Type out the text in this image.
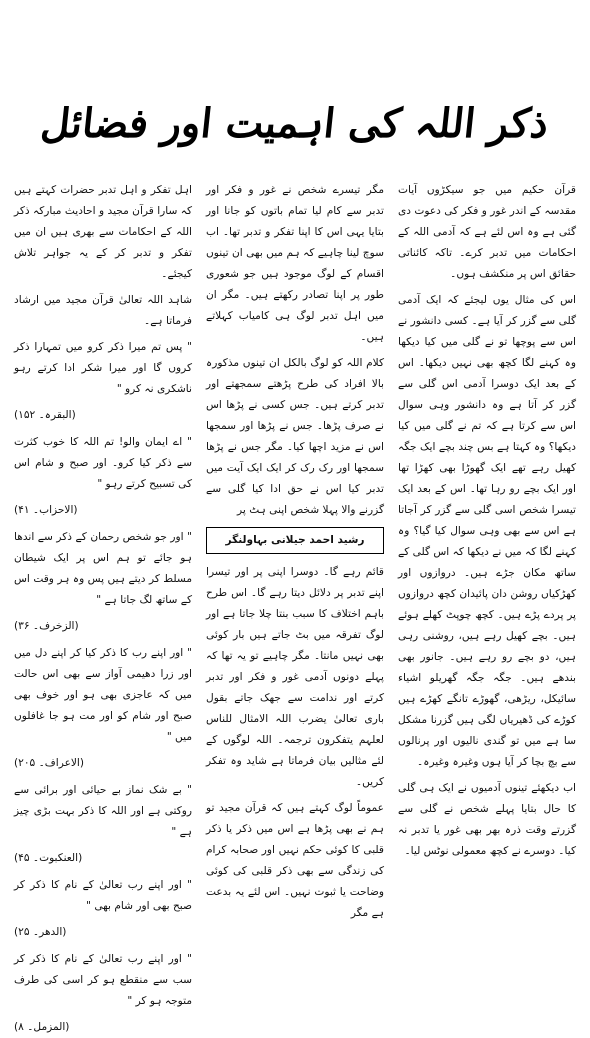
ذکر اللہ کی اہمیت اور فضائل

قرآن حکیم میں جو سیکڑوں آیات مقدسہ کے اندر غور و فکر کی دعوت دی گئی ہے وہ اس لئے ہے کہ آدمی اللہ کے احکامات میں تدبر کرے۔ تاکہ کائناتی حقائق اس پر منکشف ہوں۔

اس کی مثال یوں لیجئے کہ ایک آدمی گلی سے گزر کر آیا ہے۔ کسی دانشور نے اس سے پوچھا تو نے گلی میں کیا دیکھا وہ کہنے لگا کچھ بھی نہیں دیکھا۔ اس کے بعد ایک دوسرا آدمی اس گلی سے گزر کر آتا ہے وہ دانشور وہی سوال اس سے کرتا ہے کہ تم نے گلی میں کیا دیکھا؟ وہ کہتا ہے بس چند بچے ایک جگہ کھیل رہے تھے ایک گھوڑا بھی کھڑا تھا اور ایک بچے رو رہا تھا۔ اس کے بعد ایک تیسرا شخص اسی گلی سے گزر کر آجاتا ہے اس سے بھی وہی سوال کیا گیا؟ وہ کہنے لگا کہ میں نے دیکھا کہ اس گلی کے ساتھ مکان جڑے ہیں۔ دروازوں اور کھڑکیاں روشن دان پائیدان کچھ دروازوں پر پردے پڑے ہیں۔ کچھ چوپٹ کھلے ہوئے ہیں۔ بچے کھیل رہے ہیں، روشنی رہی ہیں، دو بچے رو رہے ہیں۔ جانور بھی بندھے ہیں۔ جگہ جگہ گھریلو اشیاء سائیکل، ریڑھی، گھوڑے تانگے کھڑے ہیں کوڑے کی ڈھیریاں لگی ہیں گزرنا مشکل سا ہے میں تو گندی نالیوں اور پرنالوں سے بچ بچا کر آیا ہوں وغیرہ وغیرہ۔

اب دیکھئے تینوں آدمیوں نے ایک ہی گلی کا حال بتایا پہلے شخص نے گلی سے گزرتے وقت ذرہ بھر بھی غور یا تدبر نہ کیا۔ دوسرے نے کچھ معمولی نوٹس لیا۔

مگر تیسرے شخص نے غور و فکر اور تدبر سے کام لیا تمام باتوں کو جانا اور بتایا یہی اس کا اپنا تفکر و تدبر تھا۔ اب سوچ لینا چاہیے کہ ہم میں بھی ان تینوں اقسام کے لوگ موجود ہیں جو شعوری طور پر اپنا تصادر رکھتے ہیں۔ مگر ان میں اہل تدبر لوگ ہی کامیاب کہلاتے ہیں۔

کلام اللہ کو لوگ بالکل ان تینوں مذکورہ بالا افراد کی طرح پڑھتے سمجھتے اور تدبر کرتے ہیں۔ جس کسی نے پڑھا اس نے صرف پڑھا۔ جس نے پڑھا اور سمجھا اس نے مزید اچھا کیا۔ مگر جس نے پڑھا سمجھا اور رک رک کر ایک ایک آیت میں تدبر کیا اس نے حق ادا کیا گلی سے گزرنے والا پہلا شخص اپنی ہٹ پر

رشید احمد جیلانی بہاولنگر

قائم رہے گا۔ دوسرا اپنی پر اور تیسرا اپنے تدبر پر دلائل دیتا رہے گا۔ اس طرح باہم اختلاف کا سبب بنتا چلا جاتا ہے اور لوگ تفرقہ میں بٹ جاتے ہیں بار کوئی بھی نہیں مانتا۔ مگر چاہیے تو یہ تھا کہ پہلے دونوں آدمی غور و فکر اور تدبر کرتے اور ندامت سے جھک جاتے بقول باری تعالیٰ یضرب اللہ الامثال للناس لعلہم یتفکرون ترجمہ۔ اللہ لوگوں کے لئے مثالیں بیان فرماتا ہے شاید وہ تفکر کریں۔

عموماً لوگ کہتے ہیں کہ قرآن مجید تو ہم نے بھی پڑھا ہے اس میں ذکر یا ذکر قلبی کا کوئی حکم نہیں اور صحابہ کرام کی زندگی سے بھی ذکر قلبی کی کوئی وضاحت یا ثبوت نہیں۔ اس لئے یہ بدعت ہے مگر

اہل تفکر و اہل تدبر حضرات کہتے ہیں کہ سارا قرآن مجید و احادیث مبارکہ ذکر اللہ کے احکامات سے بھری ہیں ان میں تفکر و تدبر کر کے یہ جواہر تلاش کیجئے۔

شاہد اللہ تعالیٰ قرآن مجید میں ارشاد فرماتا ہے۔

" پس تم میرا ذکر کرو میں تمہارا ذکر کروں گا اور میرا شکر ادا کرتے رہو ناشکری نہ کرو "

(البقرہ۔ ۱۵۲)

" اے ایمان والو! تم اللہ کا خوب کثرت سے ذکر کیا کرو۔ اور صبح و شام اس کی تسبیح کرتے رہو "

(الاحزاب۔ ۴۱)

" اور جو شخص رحمان کے ذکر سے اندھا ہو جائے تو ہم اس پر ایک شیطان مسلط کر دیتے ہیں پس وہ ہر وقت اس کے ساتھ لگ جاتا ہے "

(الزخرف۔ ۳۶)

" اور اپنے رب کا ذکر کیا کر اپنے دل میں اور زرا دھیمی آواز سے بھی اس حالت میں کہ عاجزی بھی ہو اور خوف بھی صبح اور شام کو اور مت ہو جا غافلوں میں "

(الاعراف۔ ۲۰۵)

" بے شک نماز بے حیائی اور برائی سے روکتی ہے اور اللہ کا ذکر بہت بڑی چیز ہے "

(العنکبوت۔ ۴۵)

" اور اپنے رب تعالیٰ کے نام کا ذکر کر صبح بھی اور شام بھی "

(الدھر۔ ۲۵)

" اور اپنے رب تعالیٰ کے نام کا ذکر کر سب سے منقطع ہو کر اسی کی طرف متوجہ ہو کر "

(المزمل۔ ۸)
